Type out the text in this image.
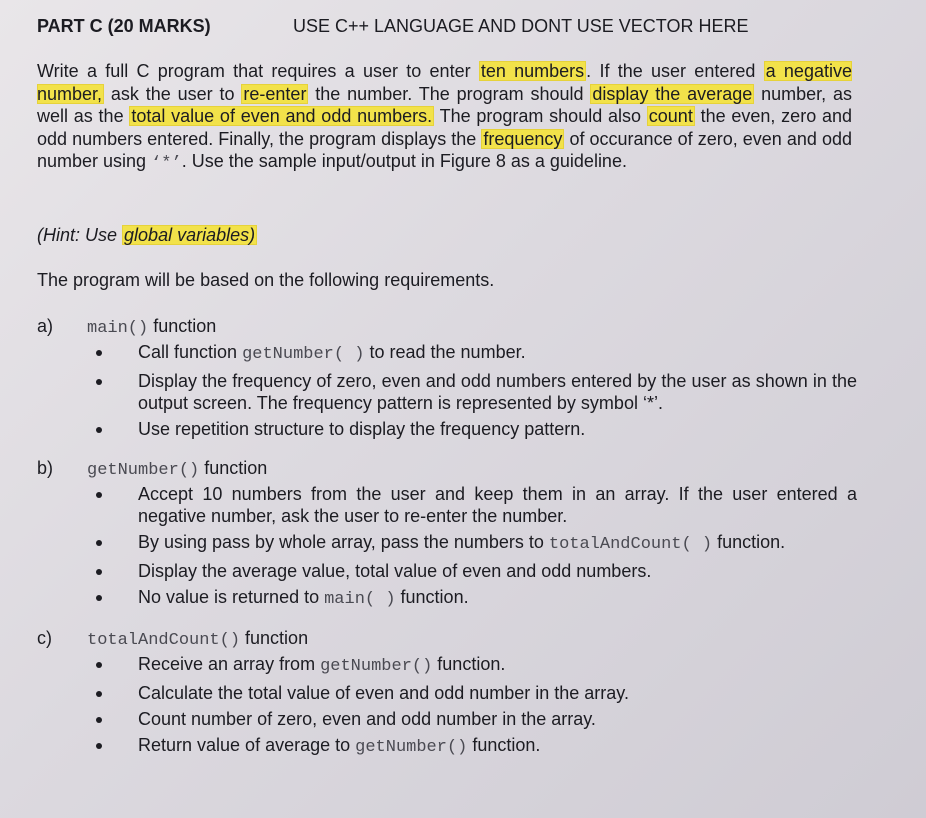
PART C (20 MARKS)	USE C++ LANGUAGE AND DONT USE VECTOR HERE
Write a full C program that requires a user to enter ten numbers . If the user entered a negative number, ask the user to re-enter the number. The program should display the average number, as well as the total value of even and odd numbers. The program should also count the even, zero and odd numbers entered. Finally, the program displays the frequency of occurance of zero, even and odd number using ‘*’. Use the sample input/output in Figure 8 as a guideline.
(Hint: Use global variables)
The program will be based on the following requirements.
a)	main() function
Call function getNumber( ) to read the number.
Display the frequency of zero, even and odd numbers entered by the user as shown in the output screen. The frequency pattern is represented by symbol ‘*’.
Use repetition structure to display the frequency pattern.
b)	getNumber() function
Accept 10 numbers from the user and keep them in an array. If the user entered a negative number, ask the user to re-enter the number.
By using pass by whole array, pass the numbers to totalAndCount( ) function.
Display the average value, total value of even and odd numbers.
No value is returned to main( ) function.
c)	totalAndCount() function
Receive an array from getNumber() function.
Calculate the total value of even and odd number in the array.
Count number of zero, even and odd number in the array.
Return value of average to getNumber() function.
